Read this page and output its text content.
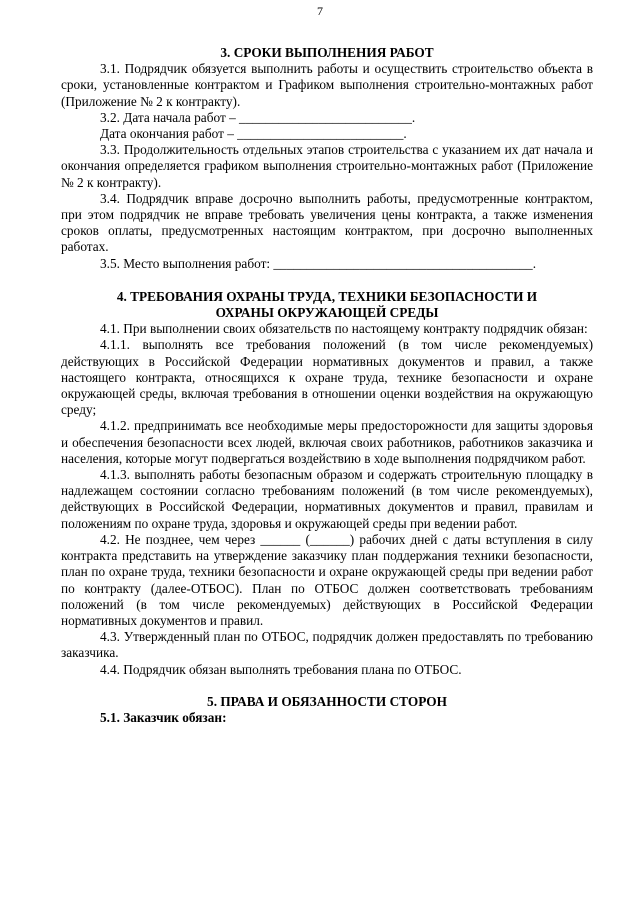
7
3. СРОКИ ВЫПОЛНЕНИЯ РАБОТ
3.1. Подрядчик обязуется выполнить работы и осуществить строительство объекта в сроки, установленные контрактом и Графиком выполнения строительно-монтажных работ (Приложение № 2 к контракту).
3.2. Дата начала работ – __________________________.
Дата окончания работ – _________________________.
3.3. Продолжительность отдельных этапов строительства с указанием их дат начала и окончания определяется графиком выполнения строительно-монтажных работ (Приложение № 2 к контракту).
3.4. Подрядчик вправе досрочно выполнить работы, предусмотренные контрактом, при этом подрядчик не вправе требовать увеличения цены контракта, а также изменения сроков оплаты, предусмотренных настоящим контрактом, при досрочно выполненных работах.
3.5. Место выполнения работ: _______________________________________.
4. ТРЕБОВАНИЯ ОХРАНЫ ТРУДА, ТЕХНИКИ БЕЗОПАСНОСТИ И
ОХРАНЫ ОКРУЖАЮЩЕЙ СРЕДЫ
4.1. При выполнении своих обязательств по настоящему контракту подрядчик обязан:
4.1.1. выполнять все требования положений (в том числе рекомендуемых) действующих в Российской Федерации нормативных документов и правил, а также настоящего контракта, относящихся к охране труда, технике безопасности и охране окружающей среды, включая требования в отношении оценки воздействия на окружающую среду;
4.1.2. предпринимать все необходимые меры предосторожности для защиты здоровья и обеспечения безопасности всех людей, включая своих работников, работников заказчика и населения, которые могут подвергаться воздействию в ходе выполнения подрядчиком работ.
4.1.3. выполнять работы безопасным образом и содержать строительную площадку в надлежащем состоянии согласно требованиям положений (в том числе рекомендуемых), действующих в Российской Федерации, нормативных документов и правил, правилам и положениям по охране труда, здоровья и окружающей среды при ведении работ.
4.2. Не позднее, чем через ______ (______) рабочих дней с даты вступления в силу контракта представить на утверждение заказчику план поддержания техники безопасности, план по охране труда, техники безопасности и охране окружающей среды при ведении работ по контракту (далее-ОТБОС). План по ОТБОС должен соответствовать требованиям положений (в том числе рекомендуемых) действующих в Российской Федерации нормативных документов и правил.
4.3. Утвержденный план по ОТБОС, подрядчик должен предоставлять по требованию заказчика.
4.4. Подрядчик обязан выполнять требования плана по ОТБОС.
5. ПРАВА И ОБЯЗАННОСТИ СТОРОН
5.1. Заказчик обязан:
